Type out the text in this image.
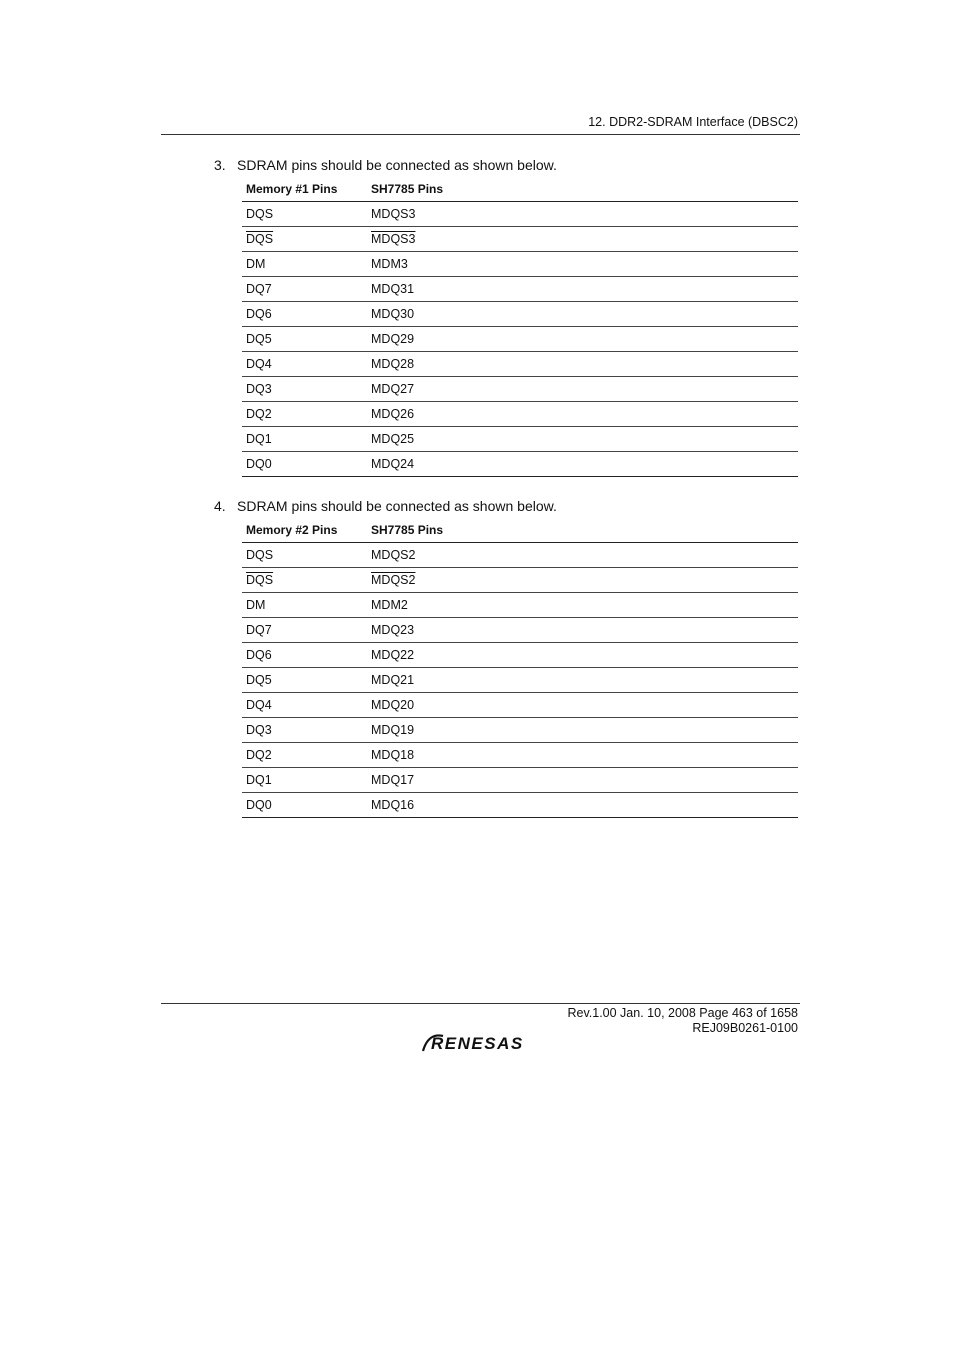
12. DDR2-SDRAM Interface (DBSC2)
3. SDRAM pins should be connected as shown below.
Memory #1 Pins	SH7785 Pins
DQS	MDQS3
$\overline{DQS}$	MDQS3
DM	MDM3
DQ7	MDQ31
DQ6	MDQ30
DQ5	MDQ29
DQ4	MDQ28
DQ3	MDQ27
DQ2	MDQ26
DQ1	MDQ25
DQ0	MDQ24
4. SDRAM pins should be connected as shown below.
Memory #2 Pins	SH7785 Pins
DQS	MDQS2
$\overline{DQS}$	MDQS2
DM	MDM2
DQ7	MDQ23
DQ6	MDQ22
DQ5	MDQ21
DQ4	MDQ20
DQ3	MDQ19
DQ2	MDQ18
DQ1	MDQ17
DQ0	MDQ16
Rev.1.00 Jan. 10, 2008 Page 463 of 1658
REJ09B0261-0100
RENESAS
